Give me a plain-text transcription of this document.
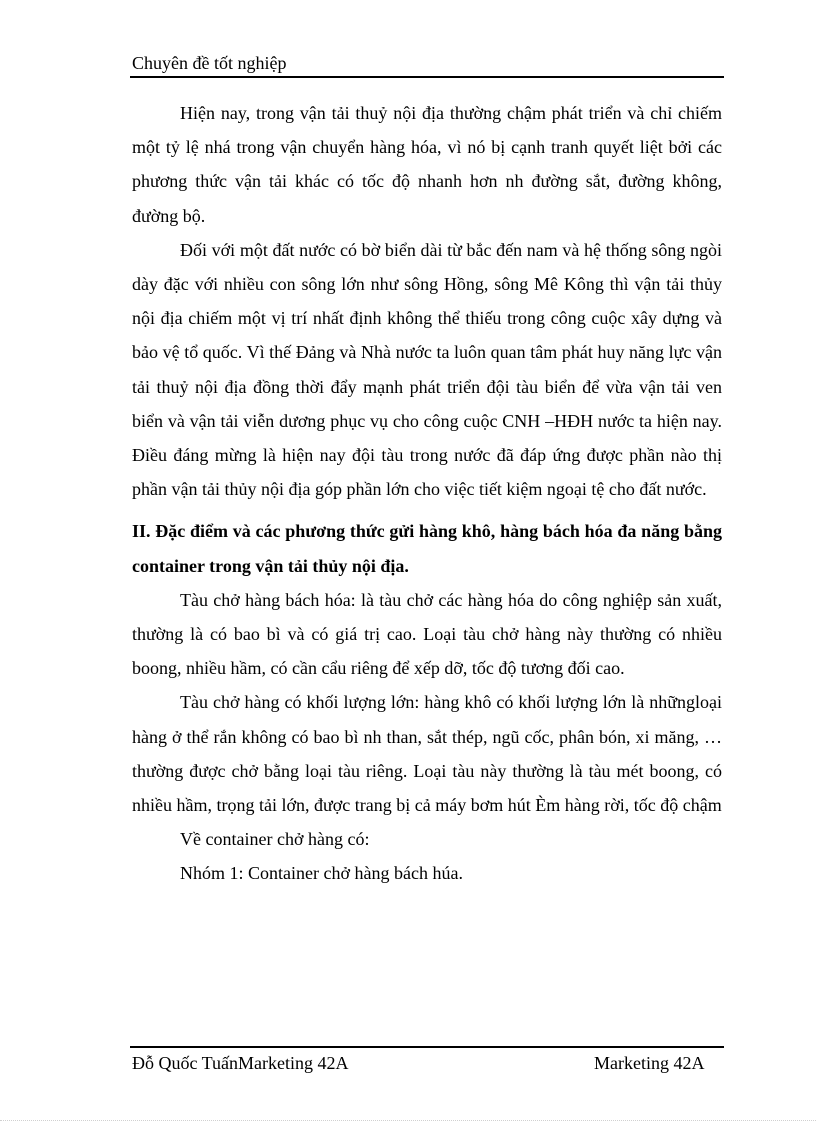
Chuyên đề tốt nghiệp

Hiện nay, trong vận tải thuỷ nội địa thường chậm phát triển và chỉ chiếm một tỷ lệ nhá trong vận chuyển hàng hóa, vì nó bị cạnh tranh quyết liệt bởi các phương thức vận tải khác có tốc độ nhanh hơn nh đường sắt, đường không, đường bộ.

Đối với một đất nước có bờ biển dài từ bắc đến nam và hệ thống sông ngòi dày đặc với nhiều con sông lớn như sông Hồng, sông Mê Kông thì vận tải thủy nội địa chiếm một vị trí nhất định không thể thiếu trong công cuộc xây dựng và bảo vệ tổ quốc. Vì thế Đảng và Nhà nước ta luôn quan tâm phát huy năng lực vận tải thuỷ nội địa đồng thời đẩy mạnh phát triển đội tàu biển để vừa vận tải ven biển và vận tải viễn dương phục vụ cho công cuộc CNH –HĐH nước ta hiện nay. Điều đáng mừng là hiện nay đội tàu trong nước đã đáp ứng được phần nào thị phần vận tải thủy nội địa góp phần lớn cho việc tiết kiệm ngoại tệ cho đất nước.

II. Đặc điểm và các phương thức gửi hàng khô, hàng bách hóa đa năng bằng container trong vận tải thủy nội địa.

Tàu chở hàng bách hóa: là tàu chở các hàng hóa do công nghiệp sản xuất, thường là có bao bì và có giá trị cao. Loại tàu chở hàng này thường có nhiều boong, nhiều hầm, có cần cẩu riêng để xếp dỡ, tốc độ tương đối cao.

Tàu chở hàng có khối lượng lớn: hàng khô có khối lượng lớn là nhữngloại hàng ở thể rắn không có bao bì nh than, sắt thép, ngũ cốc, phân bón, xi măng, …thường được chở bằng loại tàu riêng. Loại tàu này thường là tàu mét boong, có nhiều hầm, trọng tải lớn, được trang bị cả máy bơm hút Èm hàng rời, tốc độ chậm

Về container chở hàng có:

Nhóm 1: Container chở hàng bách húa.

Đỗ Quốc TuấnMarketing 42A	Marketing 42A
